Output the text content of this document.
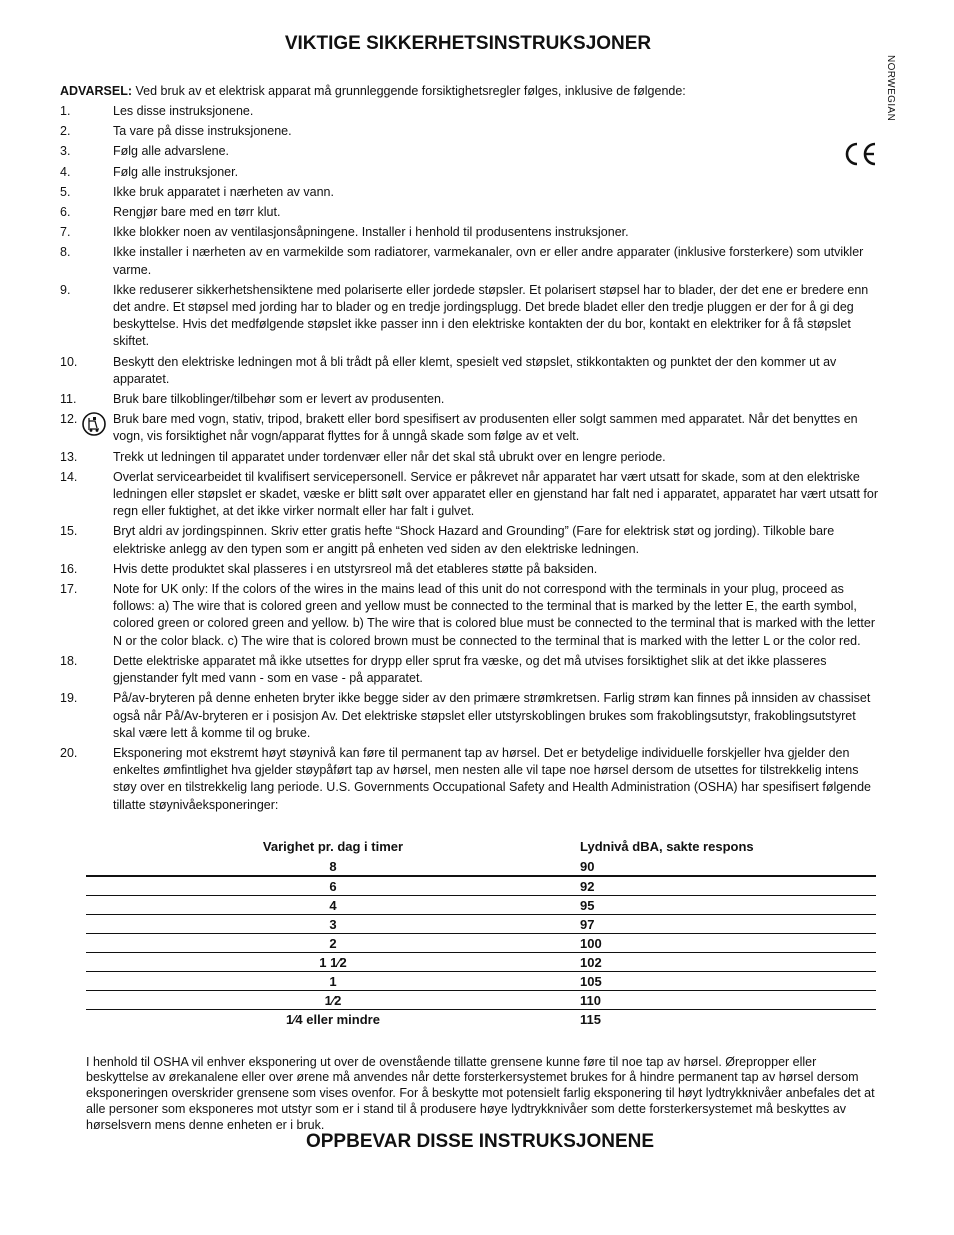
NORWEGIAN
VIKTIGE SIKKERHETSINSTRUKSJONER
ADVARSEL: Ved bruk av et elektrisk apparat må grunnleggende forsiktighetsregler følges, inklusive de følgende:
1.	Les disse instruksjonene.
2.	Ta vare på disse instruksjonene.
3.	Følg alle advarslene.
4.	Følg alle instruksjoner.
5.	Ikke bruk apparatet i nærheten av vann.
6.	Rengjør bare med en tørr klut.
7.	Ikke blokker noen av ventilasjonsåpningene. Installer i henhold til produsentens instruksjoner.
8.	Ikke installer i nærheten av en varmekilde som radiatorer, varmekanaler, ovn er eller andre apparater (inklusive forsterkere) som utvikler varme.
9.	Ikke reduserer sikkerhetshensiktene med polariserte eller jordede støpsler. Et polarisert støpsel har to blader, der det ene er bredere enn det andre. Et støpsel med jording har to blader og en tredje jordingsplugg. Det brede bladet eller den tredje pluggen er der for å gi deg beskyttelse. Hvis det medfølgende støpslet ikke passer inn i den elektriske kontakten der du bor, kontakt en elektriker for å få støpslet skiftet.
10.	Beskytt den elektriske ledningen mot å bli trådt på eller klemt, spesielt ved støpslet, stikkontakten og punktet der den kommer ut av apparatet.
11.	Bruk bare tilkoblinger/tilbehør som er levert av produsenten.
12.	Bruk bare med vogn, stativ, tripod, brakett eller bord spesifisert av produsenten eller solgt sammen med apparatet. Når det benyttes en vogn, vis forsiktighet når vogn/apparat flyttes for å unngå skade som følge av et velt.
13.	Trekk ut ledningen til apparatet under tordenvær eller når det skal stå ubrukt over en lengre periode.
14.	Overlat servicearbeidet til kvalifisert servicepersonell. Service er påkrevet når apparatet har vært utsatt for skade, som at den elektriske ledningen eller støpslet er skadet, væske er blitt sølt over apparatet eller en gjenstand har falt ned i apparatet, apparatet har vært utsatt for regn eller fuktighet, at det ikke virker normalt eller har falt i gulvet.
15.	Bryt aldri av jordingspinnen. Skriv etter gratis hefte “Shock Hazard and Grounding” (Fare for elektrisk støt og jording). Tilkoble bare elektriske anlegg av den typen som er angitt på enheten ved siden av den elektriske ledningen.
16.	Hvis dette produktet skal plasseres i en utstyrsreol må det etableres støtte på baksiden.
17.	Note for UK only: If the colors of the wires in the mains lead of this unit do not correspond with the terminals in your plug, proceed as follows: a) The wire that is colored green and yellow must be connected to the terminal that is marked by the letter E, the earth symbol, colored green or colored green and yellow. b) The wire that is colored blue must be connected to the terminal that is marked with the letter N or the color black. c) The wire that is colored brown must be connected to the terminal that is marked with the letter L or the color red.
18.	Dette elektriske apparatet må ikke utsettes for drypp eller sprut fra væske, og det må utvises forsiktighet slik at det ikke plasseres gjenstander fylt med vann - som en vase - på apparatet.
19.	På/av-bryteren på denne enheten bryter ikke begge sider av den primære strømkretsen. Farlig strøm kan finnes på innsiden av chassiset også når På/Av-bryteren er i posisjon Av. Det elektriske støpslet eller utstyrskoblingen brukes som frakoblingsutstyr, frakoblingsutstyret skal være lett å komme til og bruke.
20.	Eksponering mot ekstremt høyt støynivå kan føre til permanent tap av hørsel. Det er betydelige individuelle forskjeller hva gjelder den enkeltes ømfintlighet hva gjelder støypåført tap av hørsel, men nesten alle vil tape noe hørsel dersom de utsettes for tilstrekkelig intens støy over en tilstrekkelig lang periode. U.S. Governments Occupational Safety and Health Administration (OSHA) har spesifisert følgende tillatte støynivåeksponeringer:
Varighet pr. dag i timer	Lydnivå dBA, sakte respons
8	90
6	92
4	95
3	97
2	100
1 1⁄2	102
1	105
1⁄2	110
1⁄4 eller mindre	115

I henhold til OSHA vil enhver eksponering ut over de ovenstående tillatte grensene kunne føre til noe tap av hørsel. Ørepropper eller beskyttelse av ørekanalene eller over ørene må anvendes når dette forsterkersystemet brukes for å hindre permanent tap av hørsel dersom eksponeringen overskrider grensene som vises ovenfor. For å beskytte mot potensielt farlig eksponering til høyt lydtrykknivåer anbefales det at alle personer som eksponeres mot utstyr som er i stand til å produsere høye lydtrykknivåer som dette forsterkersystemet må beskyttes av hørselsvern mens denne enheten er i bruk.

OPPBEVAR DISSE INSTRUKSJONENE
